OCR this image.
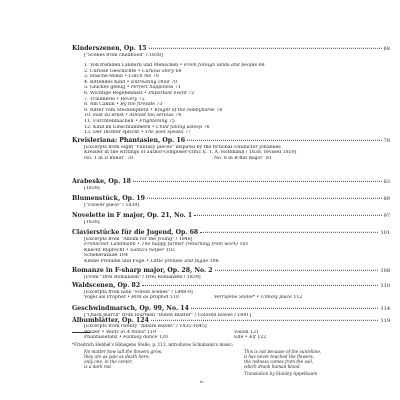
Kinderszenen, Op. 15	68
["Scenes from childhood" / 1838]
1. Von fremden Ländern und Menschen • From foreign lands and people 68
2. Curiose Geschichte • Curious story 68
3. Hasche-Mann • Catch me 70
4. Bittendes Kind • Entreating child 70
5. Glückes genug • Perfect happiness 71
6. Wichtige Begebenheit • Important event 72
7. Träumerei • Revery 72
8. Am Camin • By the fireside 73
9. Ritter vom Steckenpferd • Knight of the hobbyhorse 74
10. Fast zu ernst • Almost too serious 74
11. Fürchtenmachen • Frightening 75
12. Kind im Einschlummern • Child falling asleep 76
13. Der Dichter spricht • The poet speaks 77
Kreisleriana: Phantasien, Op. 16	78
[Excerpts from eight "Fantasy pieces" inspired by the fictional conductor Johannes
Kreisler in the writings of author-composer-critic E. T. A. Hoffmann / 1838, revised 1850]
No. 1 in D minor 78	No. 8 in B-flat major 81
Arabeske, Op. 18	83
[1839]
Blumenstück, Op. 19	89
["Flower piece" / 1839]
Novelette in F major, Op. 21, No. 1	97
[1838]
Clavierstücke für die Jugend, Op. 68	101
[Excerpts from "Album for the young" / 1848]
Fröhlicher Landmann • The happy farmer (returning from work) 101
Knecht Ruprecht • Santa's helper 102
Scheherazade 104
Kleine Preludie und Fuge • Little prelude and fugue 106
Romanze in F-sharp major, Op. 28, No. 2	108
[From "Drei Romanzen" / Drei Romanzen / 1839]
Waldscenen, Op. 82	110
[Excerpts from nine "Forest scenes" / 1848-9]
Vogel als Prophet • Bird as prophet 110	Verrufene Stelle* • Unholy place 112
Geschwindmarsch, Op. 99, No. 14	114
["Quick march" from fourteen "Bunte Blätter" / Colored leaves / 1841]
Albumblätter, Op. 124	119
[Excerpts from twenty "Album leaves" / 1835-1845]
Walzer • Waltz in A minor 119	Vision 121
Phantasietanz • Fantasy dance 120	Elfe • Elf 122
*Friedrich Hebbel's Hänsgens Stelle, p. 112, introduces Schumann's music:
No matter how tall the flowers grow,
they are as pale as death here;
only one, in the center,
is a dark red.
This is not because of the sun/shine,
it has never touched the flowers;
the redness comes from the soil,
which drank human blood.
Translation by Stanley Appelbaum
iv
